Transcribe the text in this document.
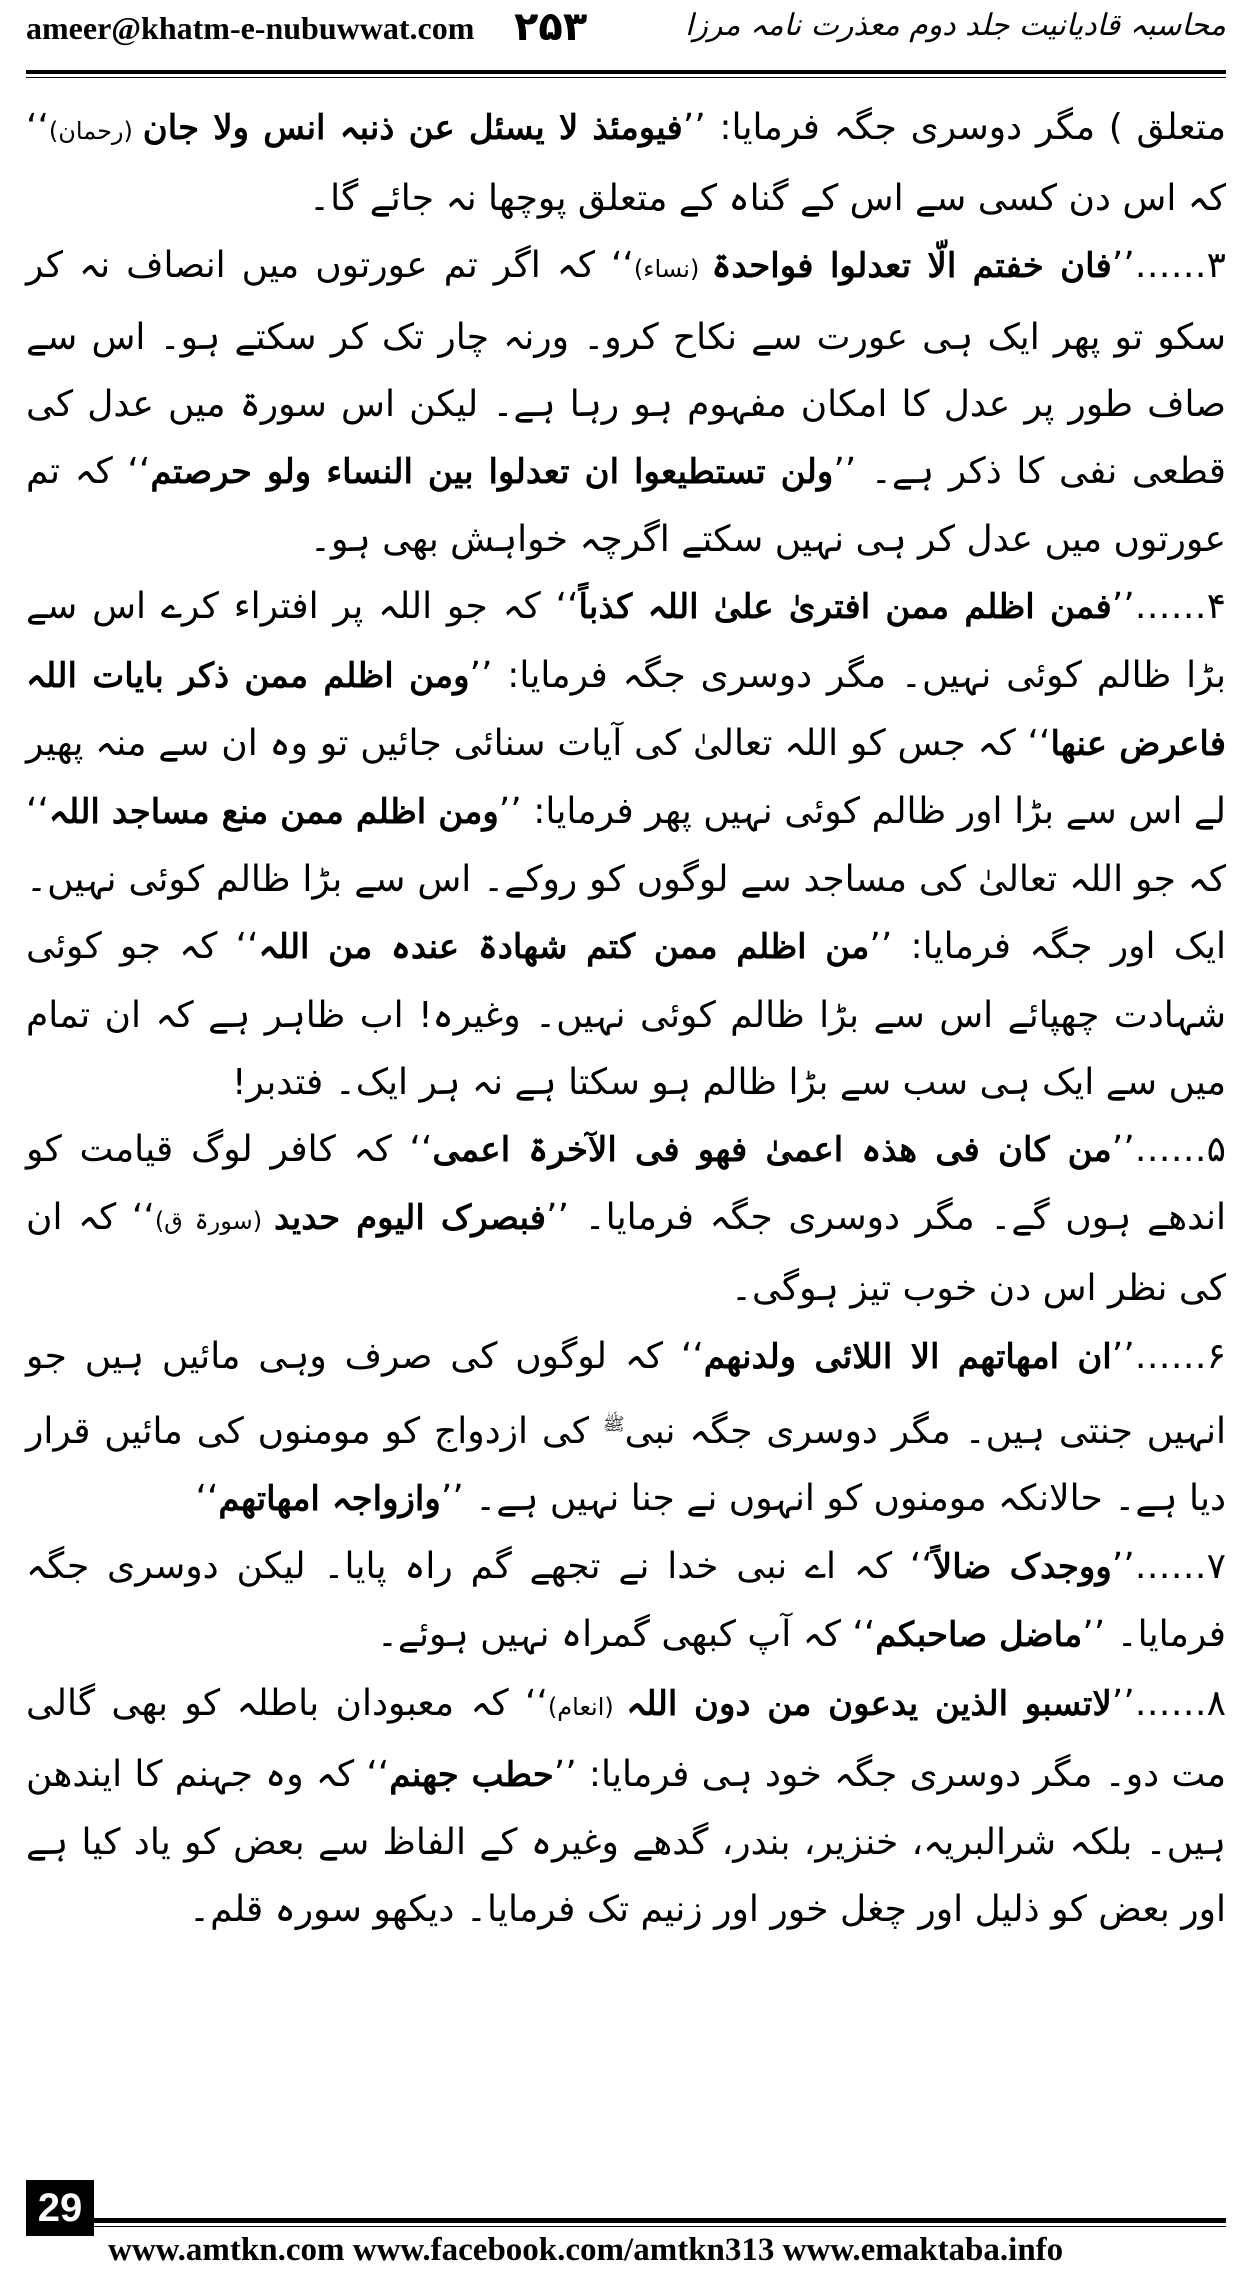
ameer@khatm-e-nubuwwat.com ۲۵۳	محاسبہ قادیانیت جلد دوم معذرت نامہ مرزا

متعلق ) مگر دوسری جگہ فرمایا: ’’فیومئذ لا یسئل عن ذنبہ انس ولا جان (رحمان)‘‘ کہ اس دن کسی سے اس کے گناہ کے متعلق پوچھا نہ جائے گا۔

۳……’’فان خفتم الّا تعدلوا فواحدۃ (نساء)‘‘ کہ اگر تم عورتوں میں انصاف نہ کر سکو تو پھر ایک ہی عورت سے نکاح کرو۔ ورنہ چار تک کر سکتے ہو۔ اس سے صاف طور پر عدل کا امکان مفہوم ہو رہا ہے۔ لیکن اس سورۃ میں عدل کی قطعی نفی کا ذکر ہے۔ ’’ولن تستطیعوا ان تعدلوا بین النساء ولو حرصتم‘‘ کہ تم عورتوں میں عدل کر ہی نہیں سکتے اگرچہ خواہش بھی ہو۔

۴……’’فمن اظلم ممن افتریٰ علیٰ اللہ کذباً‘‘ کہ جو اللہ پر افتراء کرے اس سے بڑا ظالم کوئی نہیں۔ مگر دوسری جگہ فرمایا: ’’ومن اظلم ممن ذکر بایات اللہ فاعرض عنھا‘‘ کہ جس کو اللہ تعالیٰ کی آیات سنائی جائیں تو وہ ان سے منہ پھیر لے اس سے بڑا اور ظالم کوئی نہیں پھر فرمایا: ’’ومن اظلم ممن منع مساجد اللہ‘‘ کہ جو اللہ تعالیٰ کی مساجد سے لوگوں کو روکے۔ اس سے بڑا ظالم کوئی نہیں۔ ایک اور جگہ فرمایا: ’’من اظلم ممن کتم شھادۃ عندہ من اللہ‘‘ کہ جو کوئی شہادت چھپائے اس سے بڑا ظالم کوئی نہیں۔ وغیرہ! اب ظاہر ہے کہ ان تمام میں سے ایک ہی سب سے بڑا ظالم ہو سکتا ہے نہ ہر ایک۔ فتدبر!

۵……’’من کان فی ھذہ اعمیٰ فھو فی الآخرۃ اعمی‘‘ کہ کافر لوگ قیامت کو اندھے ہوں گے۔ مگر دوسری جگہ فرمایا۔ ’’فبصرک الیوم حدید (سورۃ ق)‘‘ کہ ان کی نظر اس دن خوب تیز ہوگی۔

۶……’’ان امھاتھم الا اللائی ولدنھم‘‘ کہ لوگوں کی صرف وہی مائیں ہیں جو انہیں جنتی ہیں۔ مگر دوسری جگہ نبی$^ﷺ$ کی ازدواج کو مومنوں کی مائیں قرار دیا ہے۔ حالانکہ مومنوں کو انہوں نے جنا نہیں ہے۔ ’’وازواجہ امھاتھم‘‘

۷……’’ووجدک ضالاً‘‘ کہ اے نبی خدا نے تجھے گم راہ پایا۔ لیکن دوسری جگہ فرمایا۔ ’’ماضل صاحبکم‘‘ کہ آپ کبھی گمراہ نہیں ہوئے۔

۸……’’لاتسبو الذین یدعون من دون اللہ (انعام)‘‘ کہ معبودان باطلہ کو بھی گالی مت دو۔ مگر دوسری جگہ خود ہی فرمایا: ’’حطب جھنم‘‘ کہ وہ جہنم کا ایندھن ہیں۔ بلکہ شرالبریہ، خنزیر، بندر، گدھے وغیرہ کے الفاظ سے بعض کو یاد کیا ہے اور بعض کو ذلیل اور چغل خور اور زنیم تک فرمایا۔ دیکھو سورہ قلم۔

29
www.amtkn.com www.facebook.com/amtkn313 www.emaktaba.info
